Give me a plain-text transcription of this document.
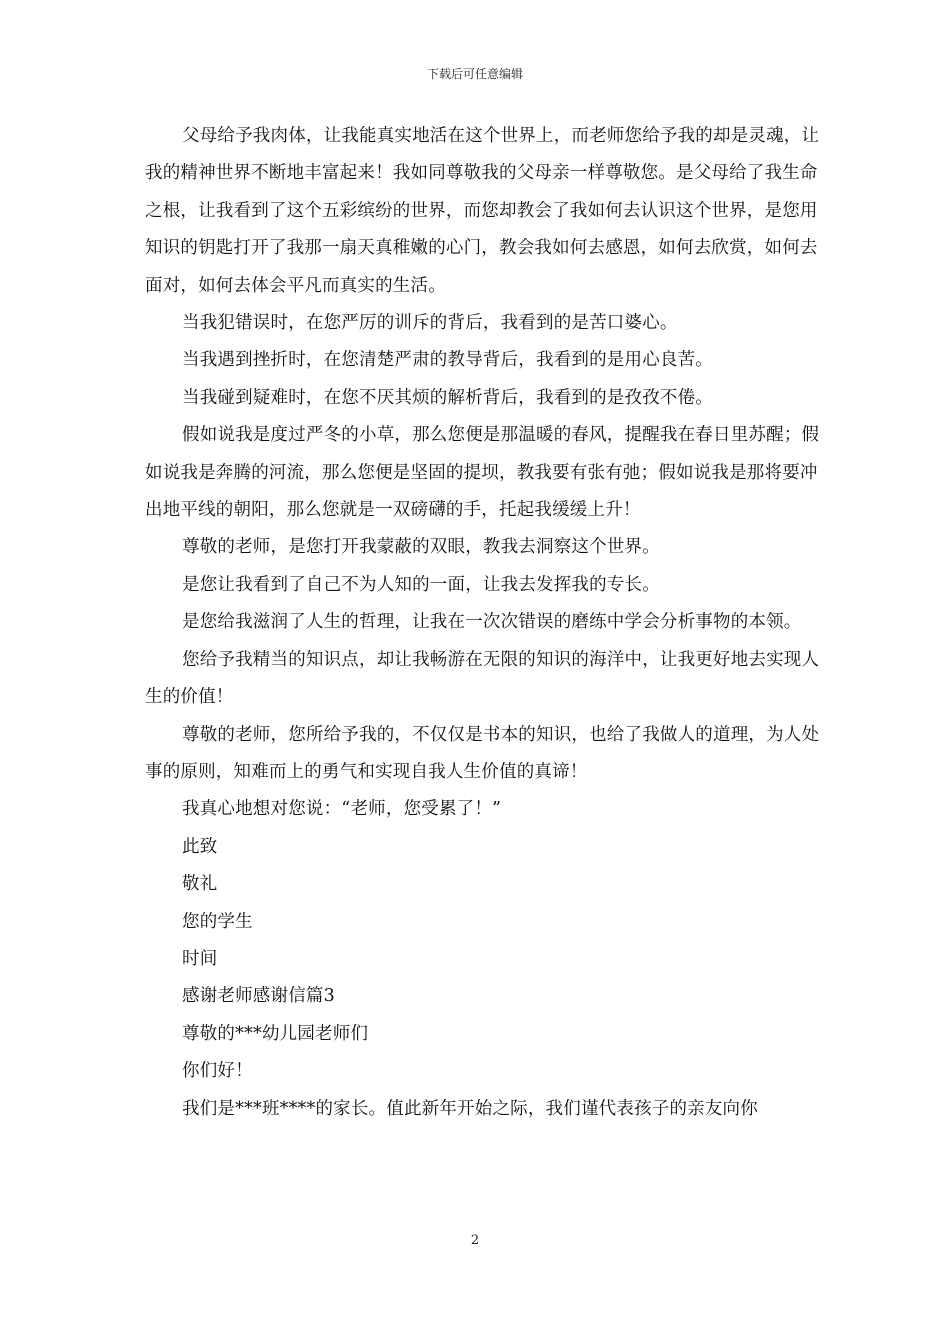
下载后可任意编辑

父母给予我肉体，让我能真实地活在这个世界上，而老师您给予我的却是灵魂，让我的精神世界不断地丰富起来！我如同尊敬我的父母亲一样尊敬您。是父母给了我生命之根，让我看到了这个五彩缤纷的世界，而您却教会了我如何去认识这个世界，是您用知识的钥匙打开了我那一扇天真稚嫩的心门，教会我如何去感恩，如何去欣赏，如何去面对，如何去体会平凡而真实的生活。

当我犯错误时，在您严厉的训斥的背后，我看到的是苦口婆心。

当我遇到挫折时，在您清楚严肃的教导背后，我看到的是用心良苦。

当我碰到疑难时，在您不厌其烦的解析背后，我看到的是孜孜不倦。

假如说我是度过严冬的小草，那么您便是那温暖的春风，提醒我在春日里苏醒；假如说我是奔腾的河流，那么您便是坚固的提坝，教我要有张有弛；假如说我是那将要冲出地平线的朝阳，那么您就是一双磅礴的手，托起我缓缓上升！

尊敬的老师，是您打开我蒙蔽的双眼，教我去洞察这个世界。

是您让我看到了自己不为人知的一面，让我去发挥我的专长。

是您给我滋润了人生的哲理，让我在一次次错误的磨练中学会分析事物的本领。

您给予我精当的知识点，却让我畅游在无限的知识的海洋中，让我更好地去实现人生的价值！

尊敬的老师，您所给予我的，不仅仅是书本的知识，也给了我做人的道理，为人处事的原则，知难而上的勇气和实现自我人生价值的真谛！

我真心地想对您说：“老师，您受累了！”

此致

敬礼

您的学生

时间

感谢老师感谢信篇3

尊敬的***幼儿园老师们

你们好！

我们是***班****的家长。值此新年开始之际，我们谨代表孩子的亲友向你

2
